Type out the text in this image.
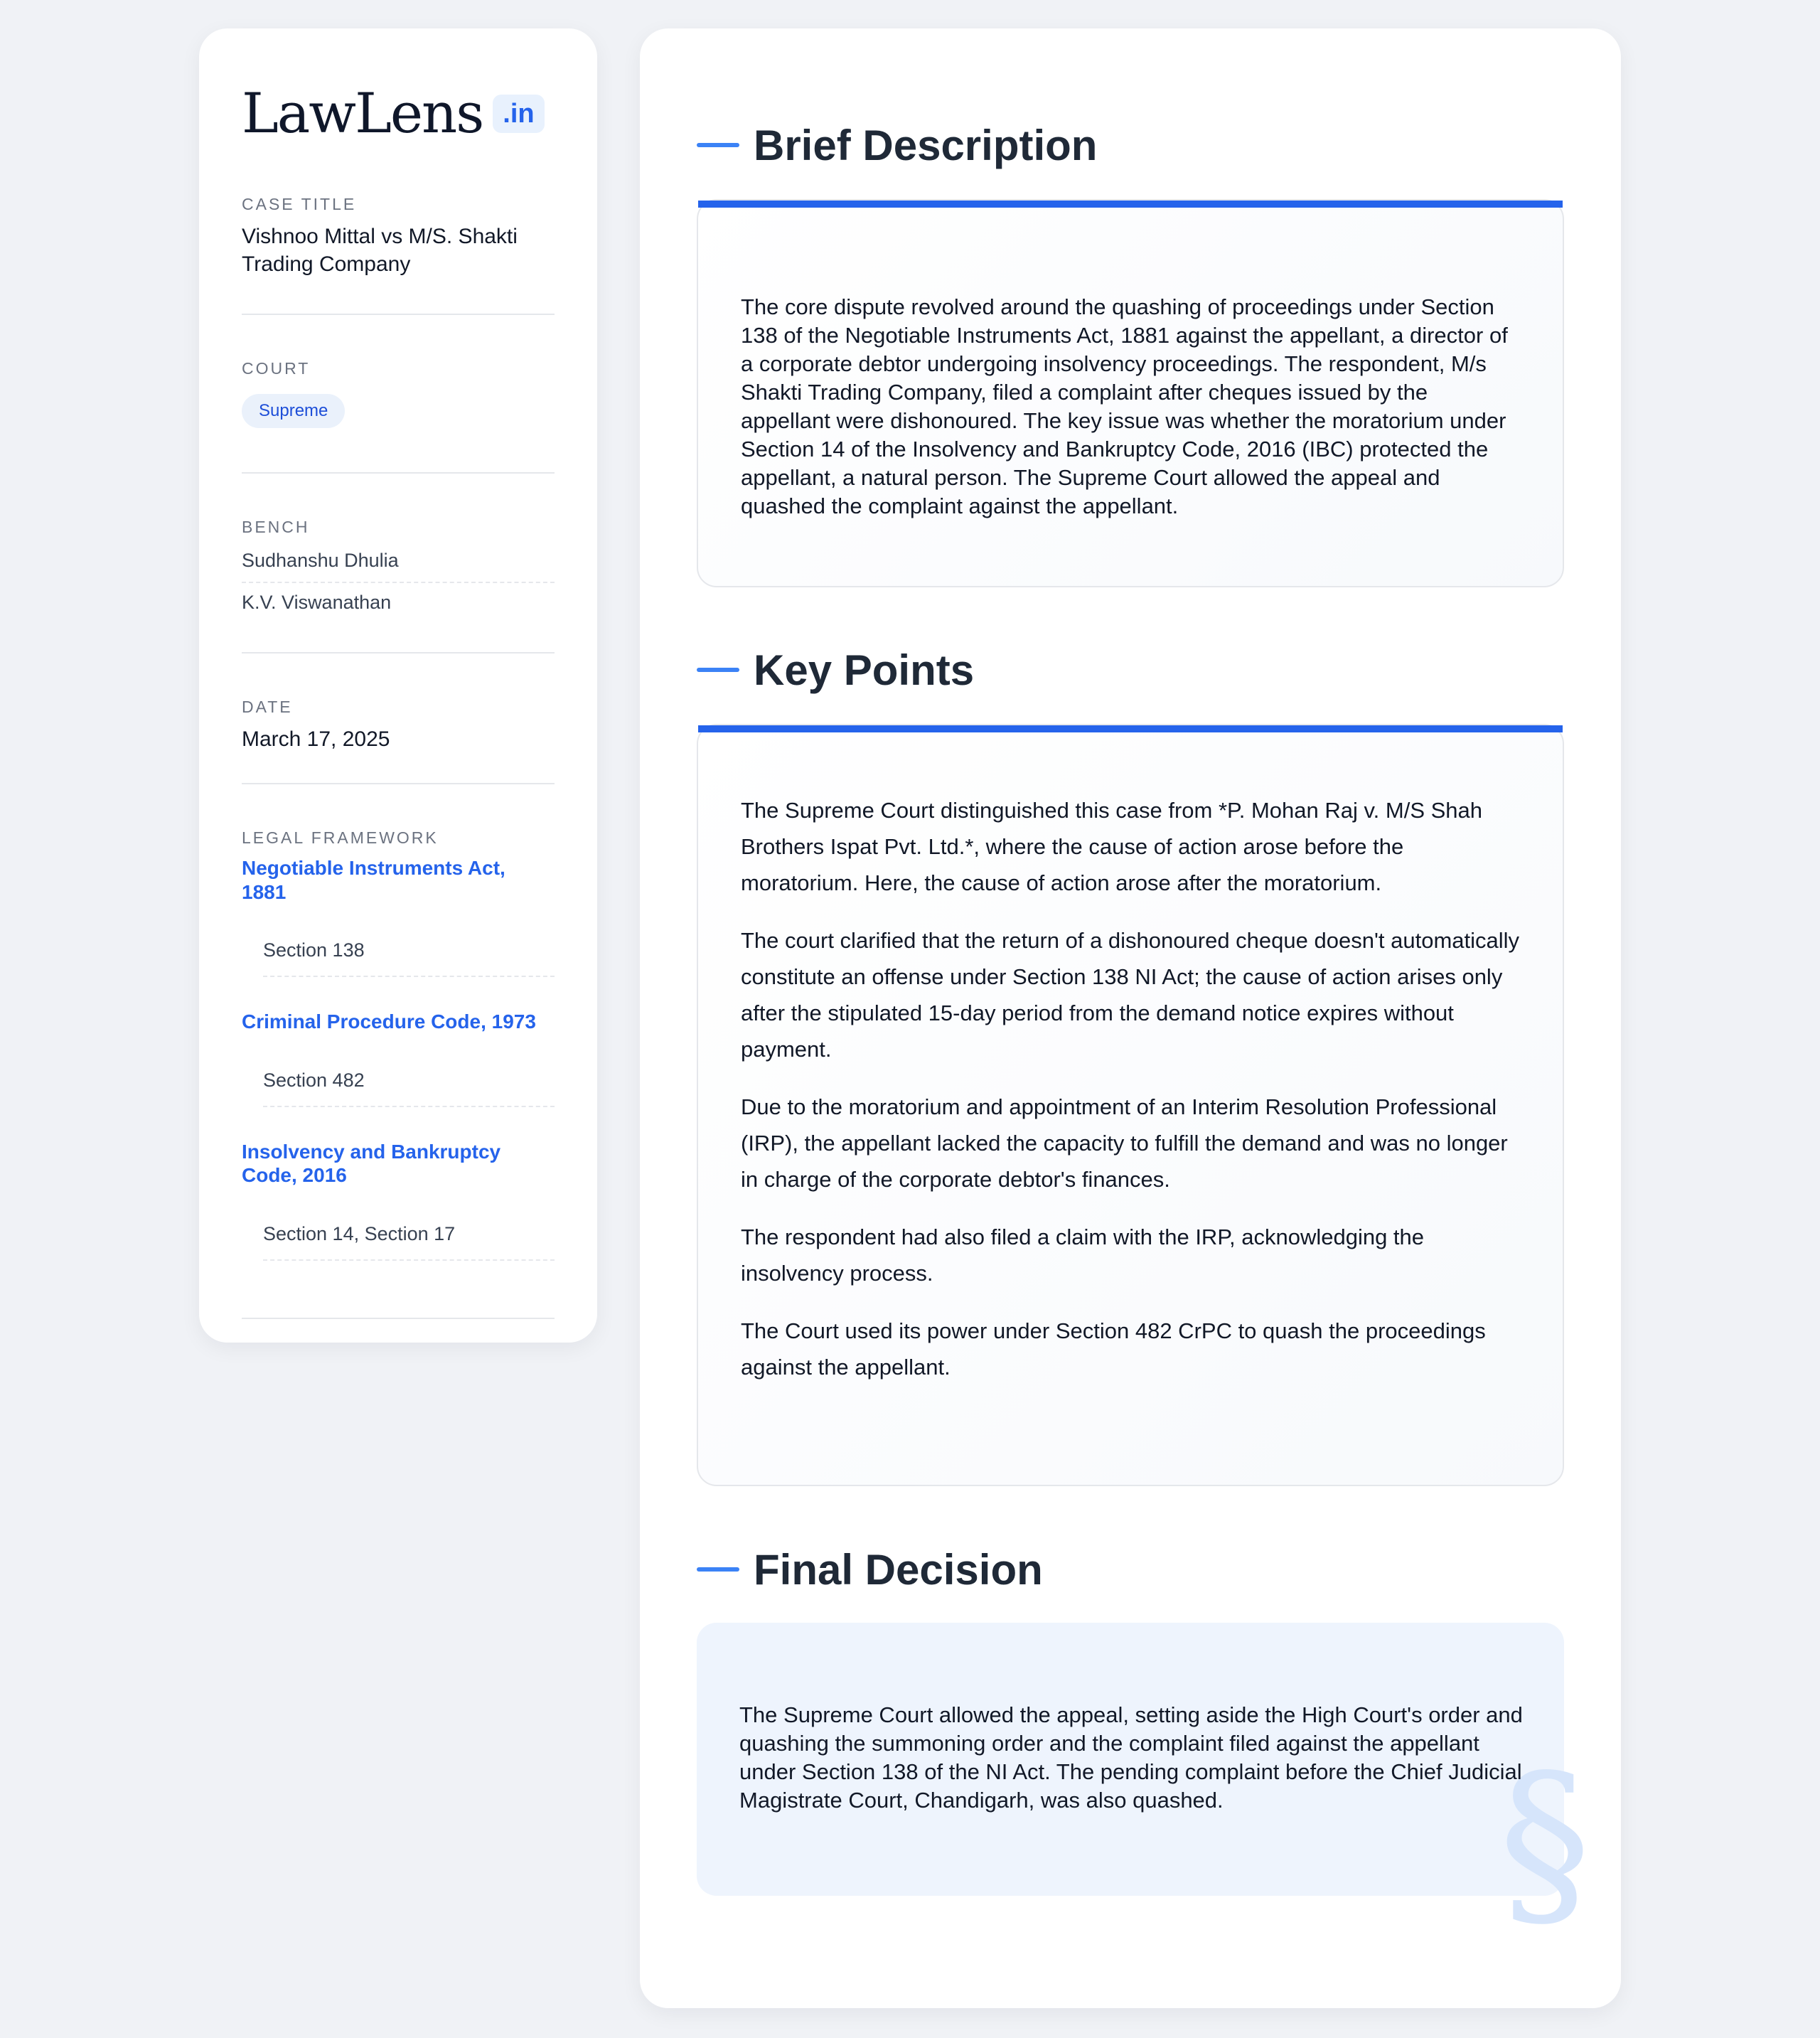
LawLens .in
CASE TITLE
Vishnoo Mittal vs M/S. Shakti Trading Company
COURT
Supreme
BENCH
Sudhanshu Dhulia
K.V. Viswanathan
DATE
March 17, 2025
LEGAL FRAMEWORK
Negotiable Instruments Act, 1881
Section 138
Criminal Procedure Code, 1973
Section 482
Insolvency and Bankruptcy Code, 2016
Section 14, Section 17
Brief Description
The core dispute revolved around the quashing of proceedings under Section 138 of the Negotiable Instruments Act, 1881 against the appellant, a director of a corporate debtor undergoing insolvency proceedings. The respondent, M/s Shakti Trading Company, filed a complaint after cheques issued by the appellant were dishonoured. The key issue was whether the moratorium under Section 14 of the Insolvency and Bankruptcy Code, 2016 (IBC) protected the appellant, a natural person. The Supreme Court allowed the appeal and quashed the complaint against the appellant.
Key Points

The Supreme Court distinguished this case from *P. Mohan Raj v. M/S Shah Brothers Ispat Pvt. Ltd.*, where the cause of action arose before the moratorium. Here, the cause of action arose after the moratorium.

The court clarified that the return of a dishonoured cheque doesn't automatically constitute an offense under Section 138 NI Act; the cause of action arises only after the stipulated 15-day period from the demand notice expires without payment.

Due to the moratorium and appointment of an Interim Resolution Professional (IRP), the appellant lacked the capacity to fulfill the demand and was no longer in charge of the corporate debtor's finances.

The respondent had also filed a claim with the IRP, acknowledging the insolvency process.

The Court used its power under Section 482 CrPC to quash the proceedings against the appellant.

Final Decision
The Supreme Court allowed the appeal, setting aside the High Court's order and quashing the summoning order and the complaint filed against the appellant under Section 138 of the NI Act. The pending complaint before the Chief Judicial Magistrate Court, Chandigarh, was also quashed.	§
